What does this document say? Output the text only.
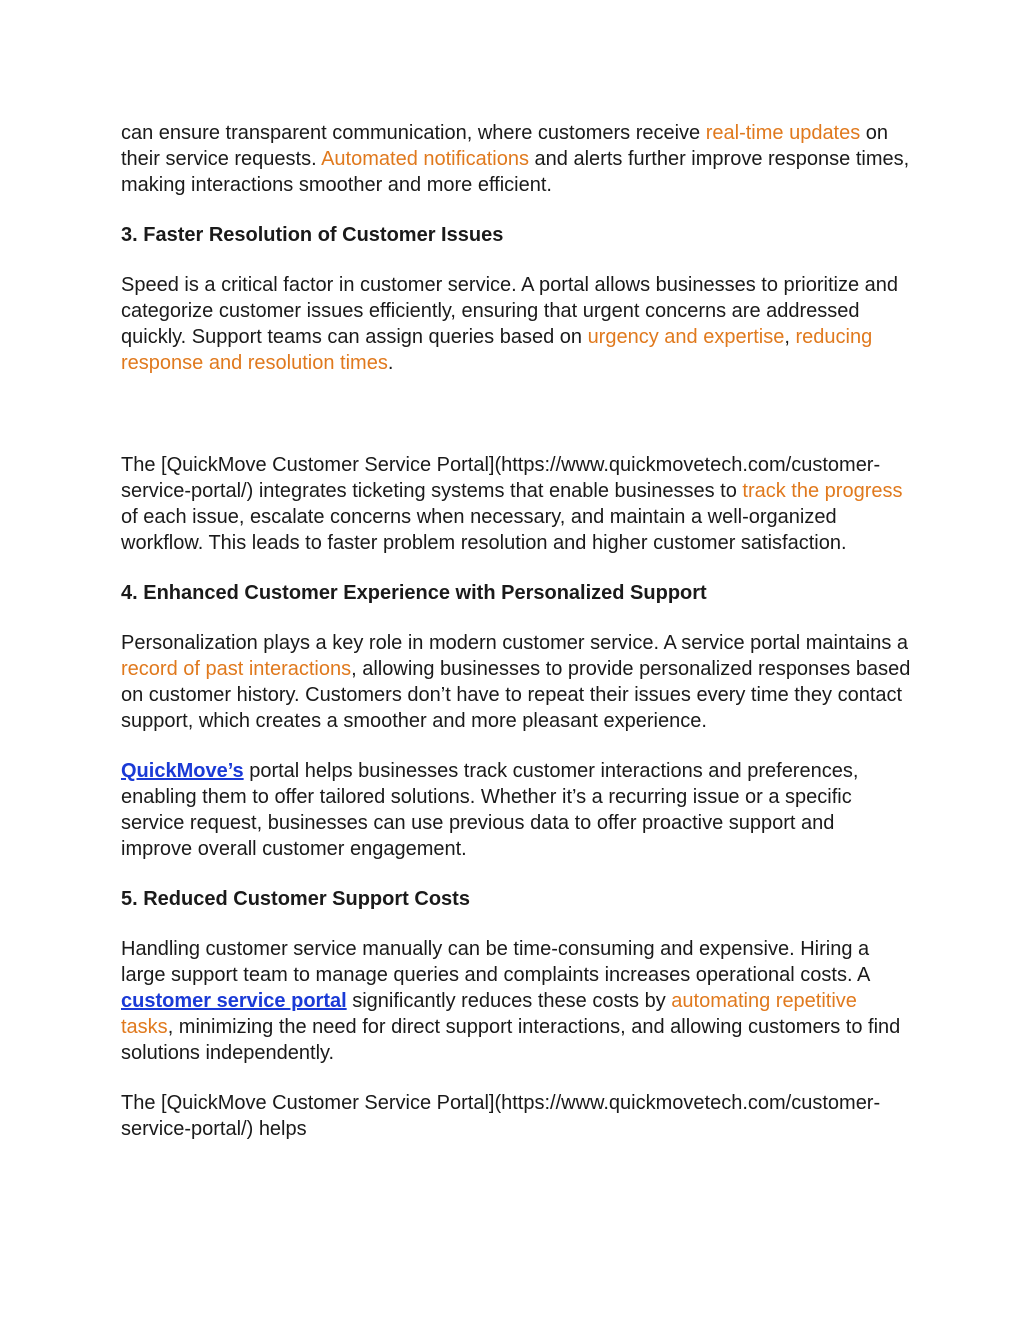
can ensure transparent communication, where customers receive real-time updates on their service requests. Automated notifications and alerts further improve response times, making interactions smoother and more efficient.

3. Faster Resolution of Customer Issues

Speed is a critical factor in customer service. A portal allows businesses to prioritize and categorize customer issues efficiently, ensuring that urgent concerns are addressed quickly. Support teams can assign queries based on urgency and expertise, reducing response and resolution times.

The [QuickMove Customer Service Portal](https://www.quickmovetech.com/customer-service-portal/) integrates ticketing systems that enable businesses to track the progress of each issue, escalate concerns when necessary, and maintain a well-organized workflow. This leads to faster problem resolution and higher customer satisfaction.

4. Enhanced Customer Experience with Personalized Support

Personalization plays a key role in modern customer service. A service portal maintains a record of past interactions, allowing businesses to provide personalized responses based on customer history. Customers don’t have to repeat their issues every time they contact support, which creates a smoother and more pleasant experience.

QuickMove’s portal helps businesses track customer interactions and preferences, enabling them to offer tailored solutions. Whether it’s a recurring issue or a specific service request, businesses can use previous data to offer proactive support and improve overall customer engagement.

5. Reduced Customer Support Costs

Handling customer service manually can be time-consuming and expensive. Hiring a large support team to manage queries and complaints increases operational costs. A customer service portal significantly reduces these costs by automating repetitive tasks, minimizing the need for direct support interactions, and allowing customers to find solutions independently.

The [QuickMove Customer Service Portal](https://www.quickmovetech.com/customer-service-portal/) helps
